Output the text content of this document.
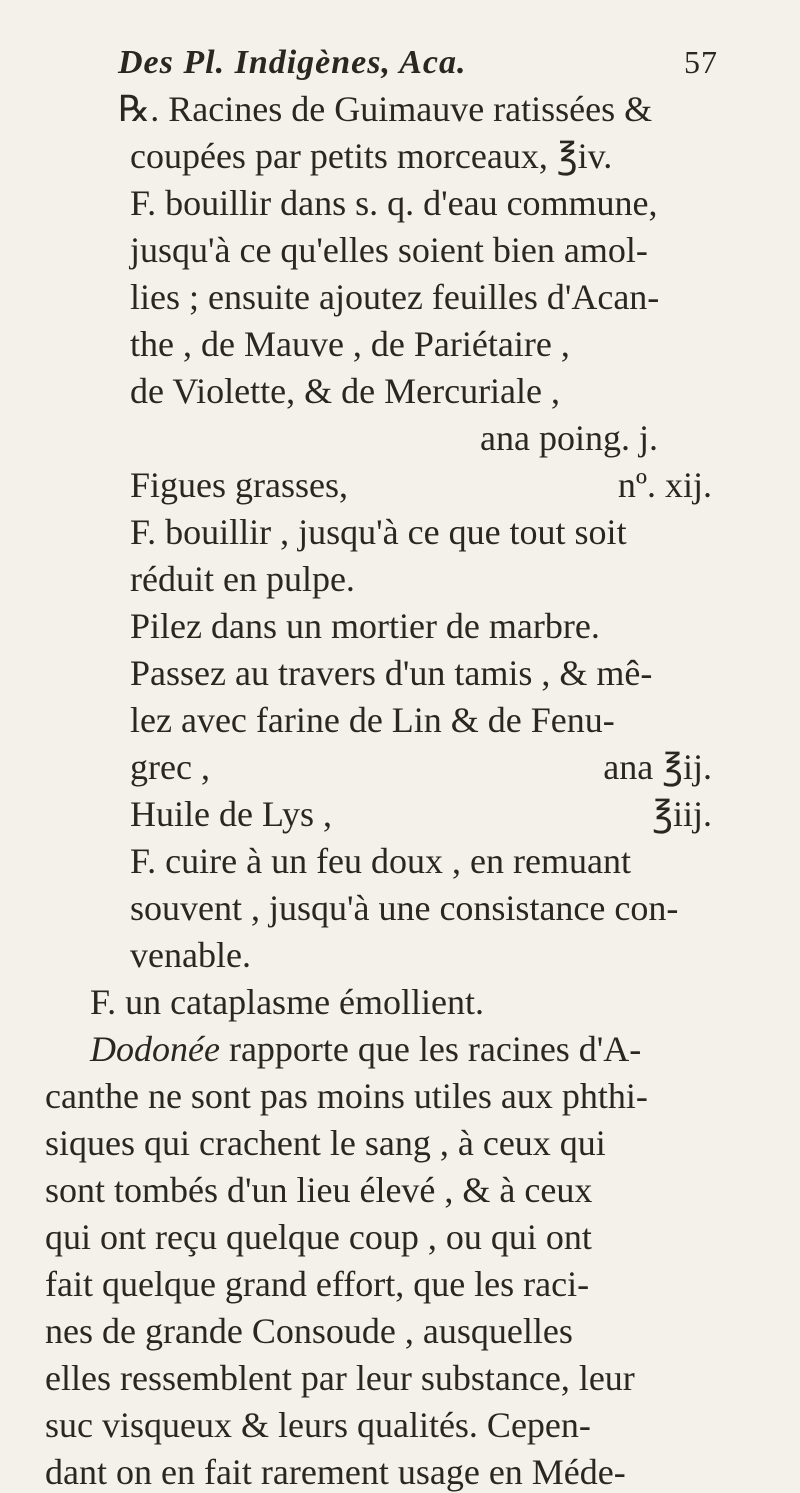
Des Pl. Indigènes, Aca.	57
℞. Racines de Guimauve ratissées &
coupées par petits morceaux, ℥iv.
F. bouillir dans s. q. d'eau commune,
jusqu'à ce qu'elles soient bien amol-
lies ; ensuite ajoutez feuilles d'Acan-
the , de Mauve , de Pariétaire ,
de Violette, & de Mercuriale ,
ana poing. j.
Figues grasses,	nº. xij.
F. bouillir , jusqu'à ce que tout soit
réduit en pulpe.
Pilez dans un mortier de marbre.
Passez au travers d'un tamis , & mê-
lez avec farine de Lin & de Fenu-
grec ,	ana ℥ij.
Huile de Lys ,	℥iij.
F. cuire à un feu doux , en remuant
souvent , jusqu'à une consistance con-
venable.
F. un cataplasme émollient.
Dodonée rapporte que les racines d'A-
canthe ne sont pas moins utiles aux phthi-
siques qui crachent le sang , à ceux qui
sont tombés d'un lieu élevé , & à ceux
qui ont reçu quelque coup , ou qui ont
fait quelque grand effort, que les raci-
nes de grande Consoude , ausquelles
elles ressemblent par leur substance, leur
suc visqueux & leurs qualités. Cepen-
dant on en fait rarement usage en Méde-
